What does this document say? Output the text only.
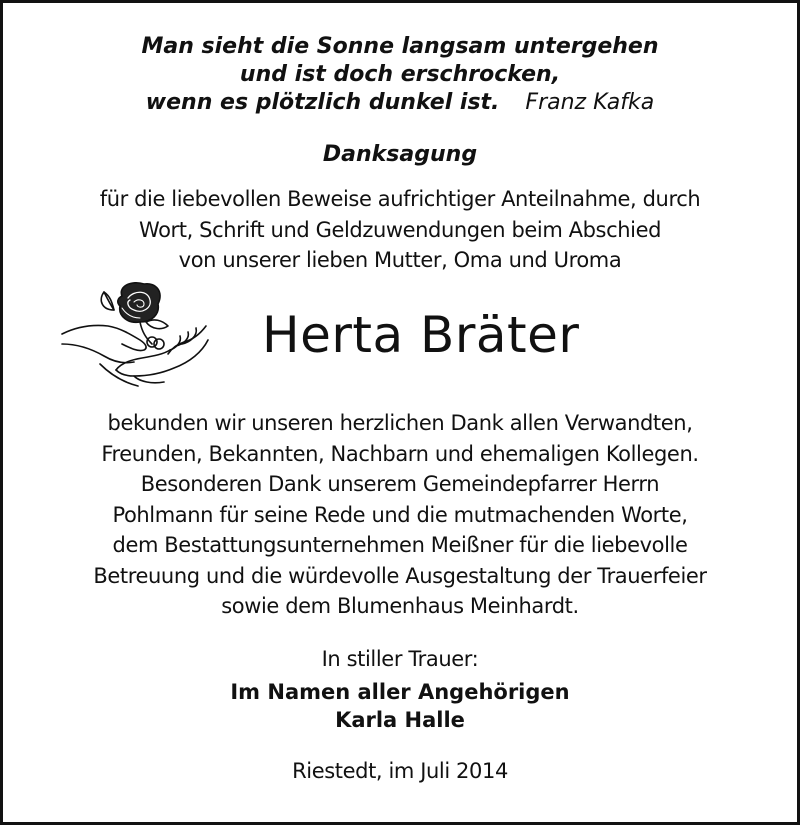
Man sieht die Sonne langsam untergehen
und ist doch erschrocken,
wenn es plötzlich dunkel ist. Franz Kafka
Danksagung
für die liebevollen Beweise aufrichtiger Anteilnahme, durch
Wort, Schrift und Geldzuwendungen beim Abschied
von unserer lieben Mutter, Oma und Uroma
Herta Bräter
bekunden wir unseren herzlichen Dank allen Verwandten,
Freunden, Bekannten, Nachbarn und ehemaligen Kollegen.
Besonderen Dank unserem Gemeindepfarrer Herrn
Pohlmann für seine Rede und die mutmachenden Worte,
dem Bestattungsunternehmen Meißner für die liebevolle
Betreuung und die würdevolle Ausgestaltung der Trauerfeier
sowie dem Blumenhaus Meinhardt.
In stiller Trauer:
Im Namen aller Angehörigen
Karla Halle
Riestedt, im Juli 2014
